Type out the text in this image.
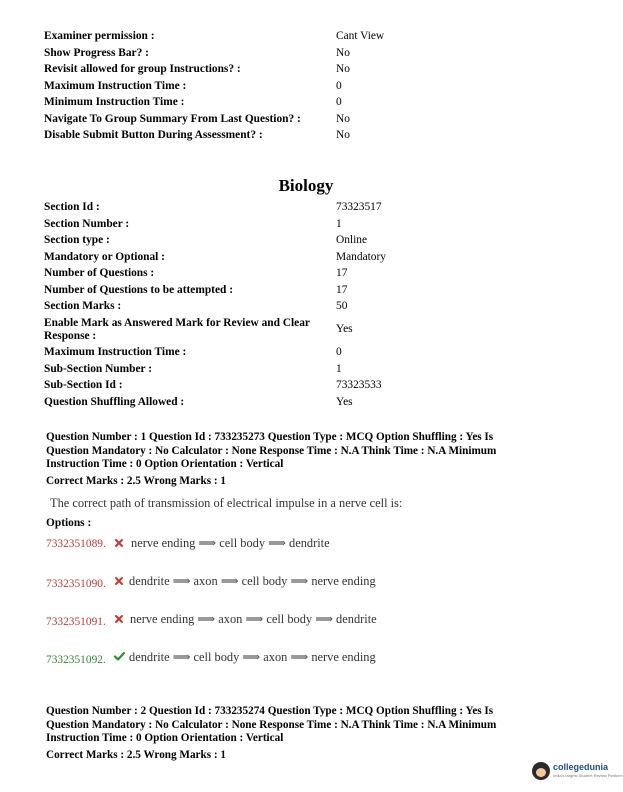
Examiner permission :	Cant View
Show Progress Bar? :	No
Revisit allowed for group Instructions? :	No
Maximum Instruction Time :	0
Minimum Instruction Time :	0
Navigate To Group Summary From Last Question? :	No
Disable Submit Button During Assessment? :	No
Biology
Section Id :	73323517
Section Number :	1
Section type :	Online
Mandatory or Optional :	Mandatory
Number of Questions :	17
Number of Questions to be attempted :	17
Section Marks :	50
Enable Mark as Answered Mark for Review and Clear
Response :
Yes
Maximum Instruction Time :	0
Sub-Section Number :	1
Sub-Section Id :	73323533
Question Shuffling Allowed :	Yes
Question Number : 1 Question Id : 733235273 Question Type : MCQ Option Shuffling : Yes Is
Question Mandatory : No Calculator : None Response Time : N.A Think Time : N.A Minimum
Instruction Time : 0 Option Orientation : Vertical
Correct Marks : 2.5 Wrong Marks : 1
The correct path of transmission of electrical impulse in a nerve cell is:
Options :
7332351089. nerve ending ⟹ cell body ⟹ dendrite
7332351090. dendrite ⟹ axon ⟹ cell body ⟹ nerve ending
7332351091. nerve ending ⟹ axon ⟹ cell body ⟹ dendrite
7332351092. dendrite ⟹ cell body ⟹ axon ⟹ nerve ending
Question Number : 2 Question Id : 733235274 Question Type : MCQ Option Shuffling : Yes Is
Question Mandatory : No Calculator : None Response Time : N.A Think Time : N.A Minimum
Instruction Time : 0 Option Orientation : Vertical
Correct Marks : 2.5 Wrong Marks : 1
collegedunia
India's largest Student Review Platform
